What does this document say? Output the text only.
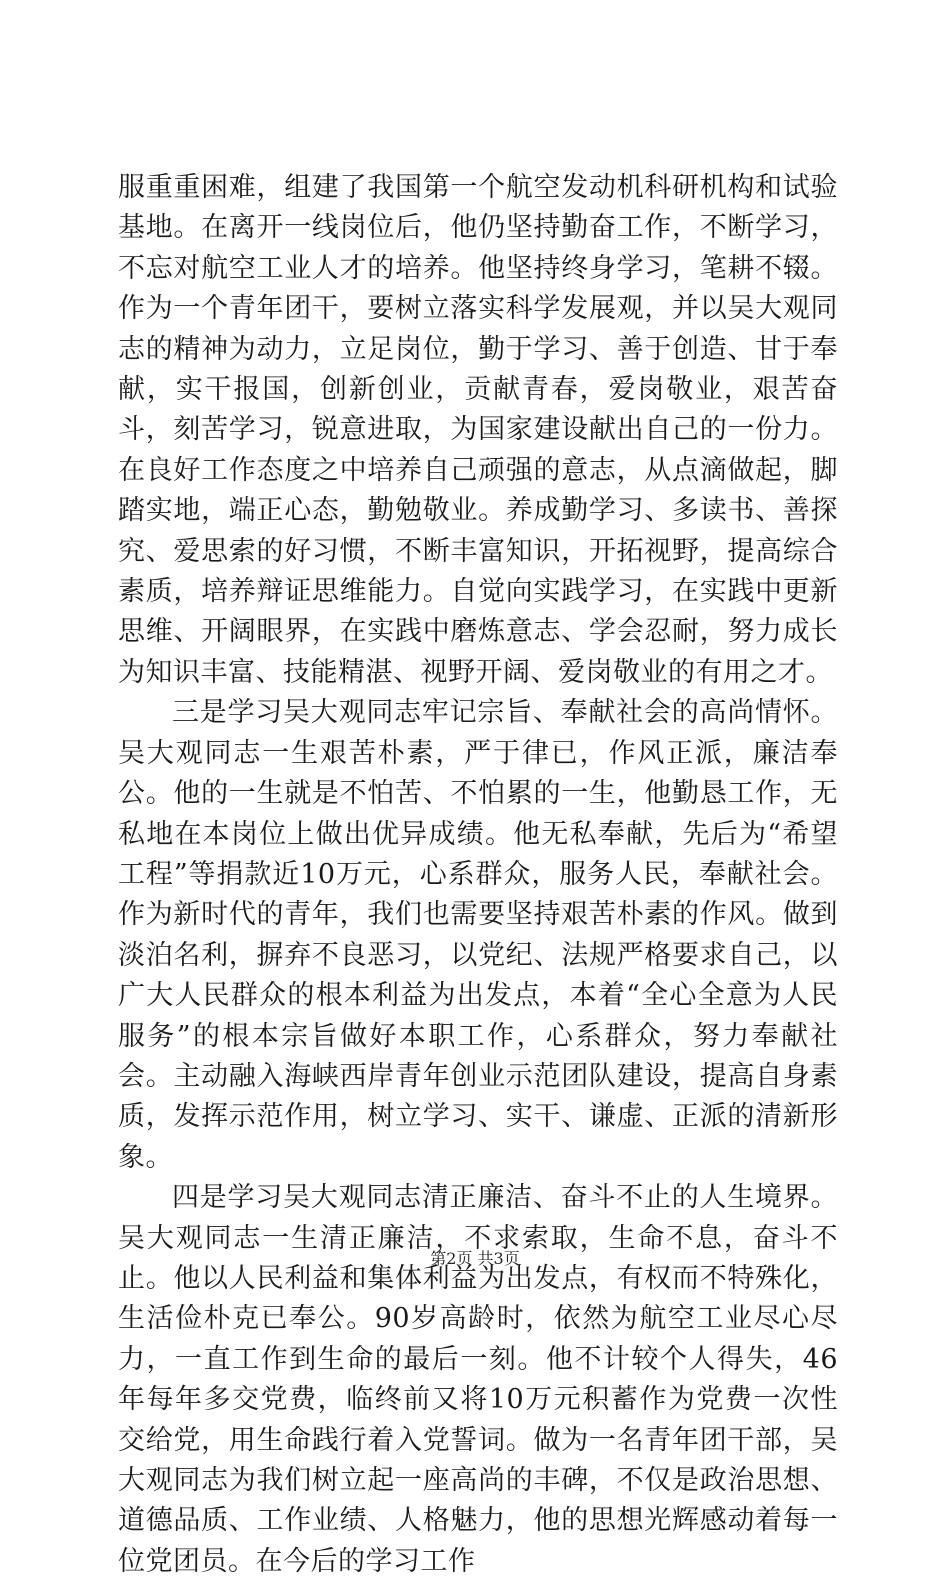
服重重困难，组建了我国第一个航空发动机科研机构和试验基地。在离开一线岗位后，他仍坚持勤奋工作，不断学习，不忘对航空工业人才的培养。他坚持终身学习，笔耕不辍。作为一个青年团干，要树立落实科学发展观，并以吴大观同志的精神为动力，立足岗位，勤于学习、善于创造、甘于奉献，实干报国，创新创业，贡献青春，爱岗敬业，艰苦奋斗，刻苦学习，锐意进取，为国家建设献出自己的一份力。在良好工作态度之中培养自己顽强的意志，从点滴做起，脚踏实地，端正心态，勤勉敬业。养成勤学习、多读书、善探究、爱思索的好习惯，不断丰富知识，开拓视野，提高综合素质，培养辩证思维能力。自觉向实践学习，在实践中更新思维、开阔眼界，在实践中磨炼意志、学会忍耐，努力成长为知识丰富、技能精湛、视野开阔、爱岗敬业的有用之才。

三是学习吴大观同志牢记宗旨、奉献社会的高尚情怀。吴大观同志一生艰苦朴素，严于律已，作风正派，廉洁奉公。他的一生就是不怕苦、不怕累的一生，他勤恳工作，无私地在本岗位上做出优异成绩。他无私奉献，先后为“希望工程”等捐款近10万元，心系群众，服务人民，奉献社会。作为新时代的青年，我们也需要坚持艰苦朴素的作风。做到淡泊名利，摒弃不良恶习，以党纪、法规严格要求自己，以广大人民群众的根本利益为出发点，本着“全心全意为人民服务”的根本宗旨做好本职工作，心系群众，努力奉献社会。主动融入海峡西岸青年创业示范团队建设，提高自身素质，发挥示范作用，树立学习、实干、谦虚、正派的清新形象。

四是学习吴大观同志清正廉洁、奋斗不止的人生境界。吴大观同志一生清正廉洁，不求索取，生命不息，奋斗不止。他以人民利益和集体利益为出发点，有权而不特殊化，生活俭朴克已奉公。90岁高龄时，依然为航空工业尽心尽力，一直工作到生命的最后一刻。他不计较个人得失，46年每年多交党费，临终前又将10万元积蓄作为党费一次性交给党，用生命践行着入党誓词。做为一名青年团干部，吴大观同志为我们树立起一座高尚的丰碑，不仅是政治思想、道德品质、工作业绩、人格魅力，他的思想光辉感动着每一位党团员。在今后的学习工作

第2页 共3页
